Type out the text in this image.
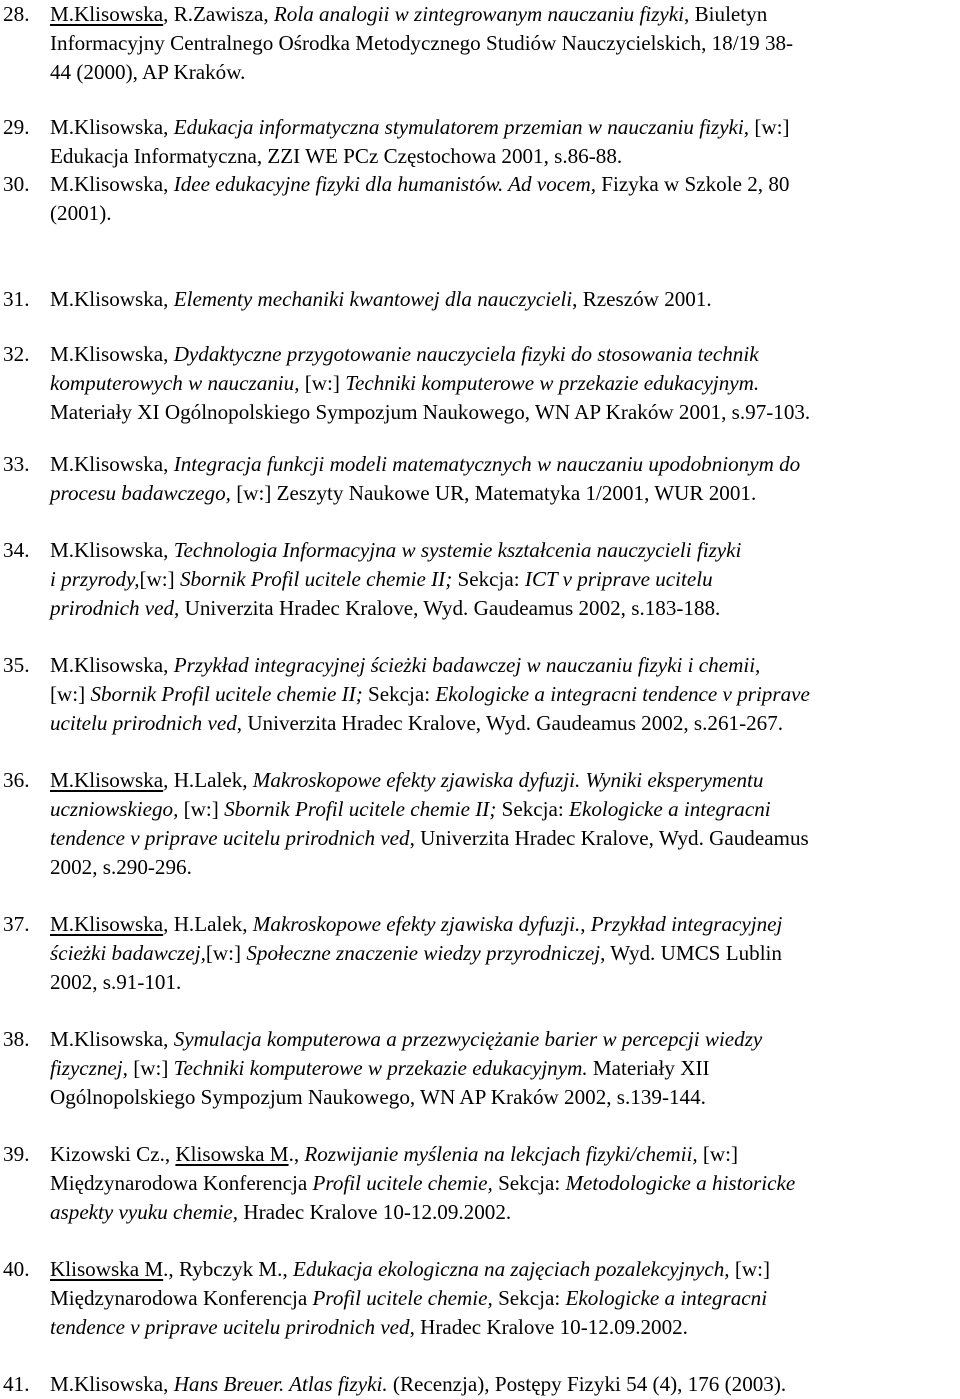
28. M.Klisowska, R.Zawisza, Rola analogii w zintegrowanym nauczaniu fizyki, Biuletyn
Informacyjny Centralnego Ośrodka Metodycznego Studiów Nauczycielskich, 18/19 38-
44 (2000), AP Kraków.
29. M.Klisowska, Edukacja informatyczna stymulatorem przemian w nauczaniu fizyki, [w:]
Edukacja Informatyczna, ZZI WE PCz Częstochowa 2001, s.86-88.
30. M.Klisowska, Idee edukacyjne fizyki dla humanistów. Ad vocem, Fizyka w Szkole 2, 80
(2001).
31. M.Klisowska, Elementy mechaniki kwantowej dla nauczycieli, Rzeszów 2001.
32. M.Klisowska, Dydaktyczne przygotowanie nauczyciela fizyki do stosowania technik
komputerowych w nauczaniu, [w:] Techniki komputerowe w przekazie edukacyjnym.
Materiały XI Ogólnopolskiego Sympozjum Naukowego, WN AP Kraków 2001, s.97-103.
33. M.Klisowska, Integracja funkcji modeli matematycznych w nauczaniu upodobnionym do
procesu badawczego, [w:] Zeszyty Naukowe UR, Matematyka 1/2001, WUR 2001.
34. M.Klisowska, Technologia Informacyjna w systemie kształcenia nauczycieli fizyki
i przyrody,[w:] Sbornik Profil ucitele chemie II; Sekcja: ICT v priprave ucitelu
prirodnich ved, Univerzita Hradec Kralove, Wyd. Gaudeamus 2002, s.183-188.
35. M.Klisowska, Przykład integracyjnej ścieżki badawczej w nauczaniu fizyki i chemii,
[w:] Sbornik Profil ucitele chemie II; Sekcja: Ekologicke a integracni tendence v priprave
ucitelu prirodnich ved, Univerzita Hradec Kralove, Wyd. Gaudeamus 2002, s.261-267.
36. M.Klisowska, H.Lalek, Makroskopowe efekty zjawiska dyfuzji. Wyniki eksperymentu
uczniowskiego, [w:] Sbornik Profil ucitele chemie II; Sekcja: Ekologicke a integracni
tendence v priprave ucitelu prirodnich ved, Univerzita Hradec Kralove, Wyd. Gaudeamus
2002, s.290-296.
37. M.Klisowska, H.Lalek, Makroskopowe efekty zjawiska dyfuzji., Przykład integracyjnej
ścieżki badawczej,[w:] Społeczne znaczenie wiedzy przyrodniczej, Wyd. UMCS Lublin
2002, s.91-101.
38. M.Klisowska, Symulacja komputerowa a przezwyciężanie barier w percepcji wiedzy
fizycznej, [w:] Techniki komputerowe w przekazie edukacyjnym. Materiały XII
Ogólnopolskiego Sympozjum Naukowego, WN AP Kraków 2002, s.139-144.
39. Kizowski Cz., Klisowska M., Rozwijanie myślenia na lekcjach fizyki/chemii, [w:]
Międzynarodowa Konferencja Profil ucitele chemie, Sekcja: Metodologicke a historicke
aspekty vyuku chemie, Hradec Kralove 10-12.09.2002.
40. Klisowska M., Rybczyk M., Edukacja ekologiczna na zajęciach pozalekcyjnych, [w:]
Międzynarodowa Konferencja Profil ucitele chemie, Sekcja: Ekologicke a integracni
tendence v priprave ucitelu prirodnich ved, Hradec Kralove 10-12.09.2002.
41. M.Klisowska, Hans Breuer. Atlas fizyki. (Recenzja), Postępy Fizyki 54 (4), 176 (2003).
